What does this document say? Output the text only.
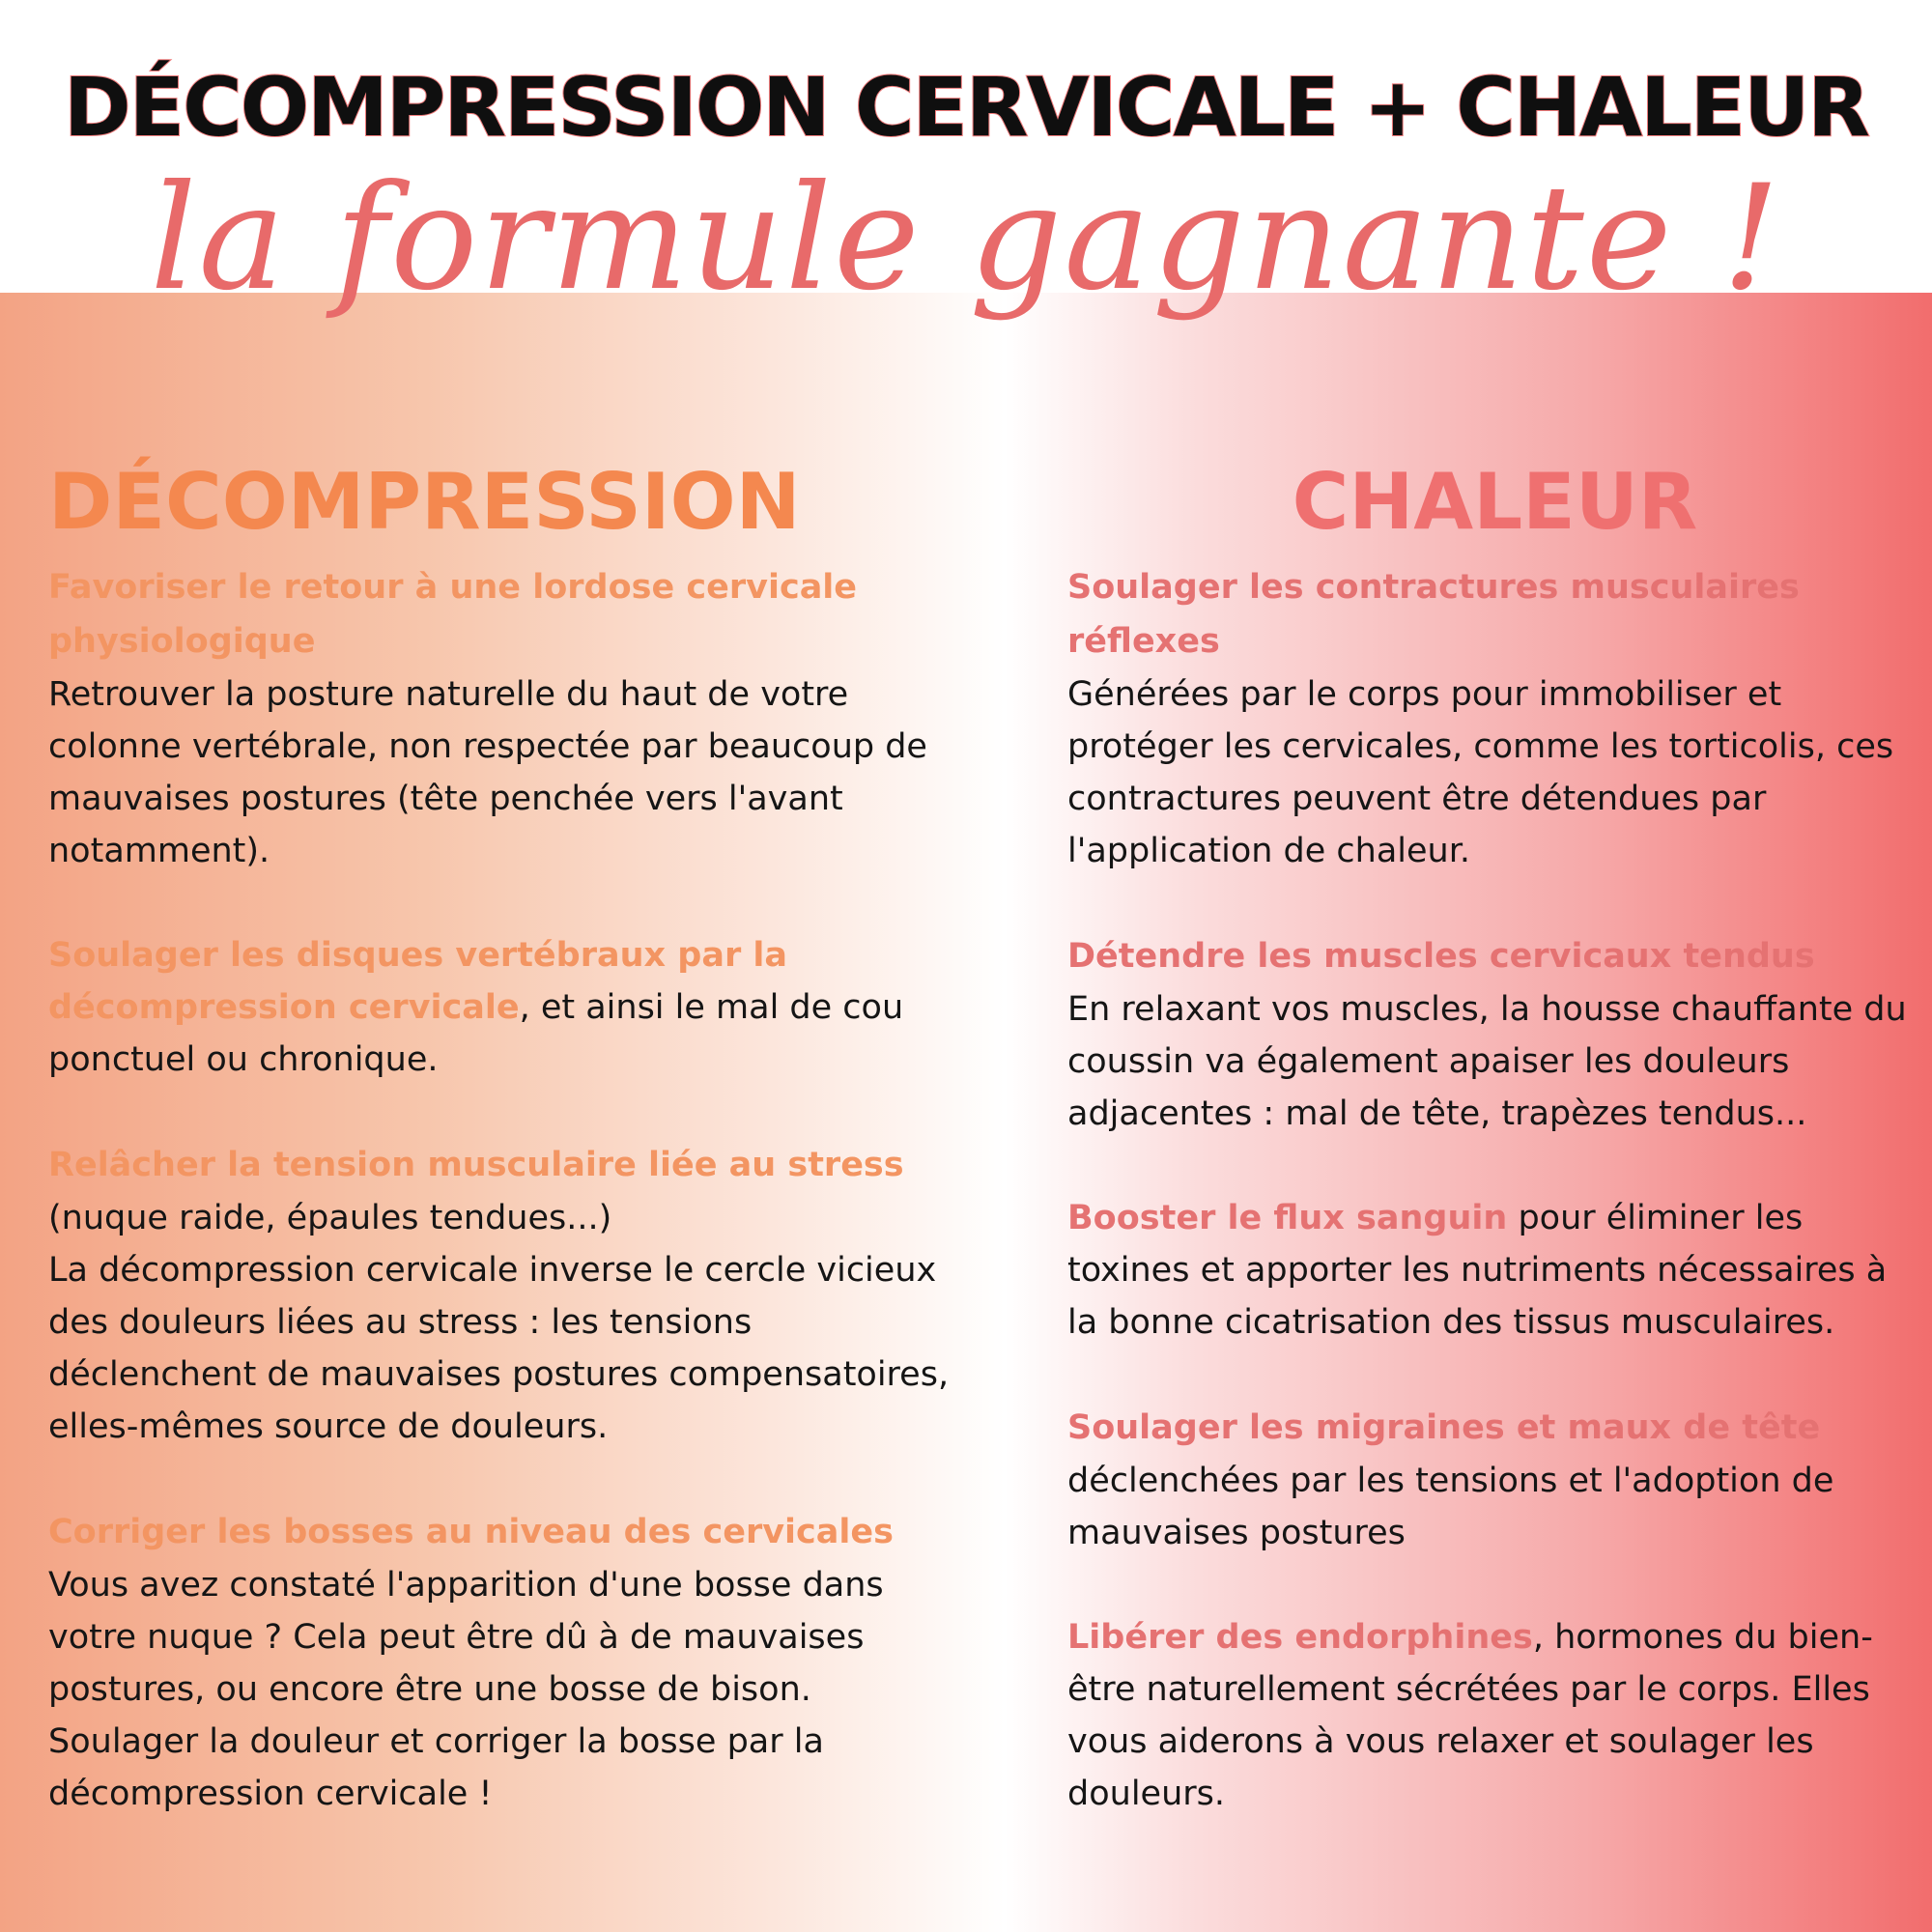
DÉCOMPRESSION CERVICALE + CHALEUR
la formule gagnante !
DÉCOMPRESSION

Favoriser le retour à une lordose cervicale physiologique

Retrouver la posture naturelle du haut de votre colonne vertébrale, non respectée par beaucoup de mauvaises postures (tête penchée vers l'avant notamment).

Soulager les disques vertébraux par la décompression cervicale, et ainsi le mal de cou ponctuel ou chronique.

Relâcher la tension musculaire liée au stress

(nuque raide, épaules tendues...)

La décompression cervicale inverse le cercle vicieux des douleurs liées au stress : les tensions déclenchent de mauvaises postures compensatoires, elles-mêmes source de douleurs.

Corriger les bosses au niveau des cervicales

Vous avez constaté l'apparition d'une bosse dans votre nuque ? Cela peut être dû à de mauvaises postures, ou encore être une bosse de bison. Soulager la douleur et corriger la bosse par la décompression cervicale !

CHALEUR

Soulager les contractures musculaires réflexes

Générées par le corps pour immobiliser et protéger les cervicales, comme les torticolis, ces contractures peuvent être détendues par l'application de chaleur.

Détendre les muscles cervicaux tendus

En relaxant vos muscles, la housse chauffante du coussin va également apaiser les douleurs adjacentes : mal de tête, trapèzes tendus...

Booster le flux sanguin pour éliminer les toxines et apporter les nutriments nécessaires à la bonne cicatrisation des tissus musculaires.

Soulager les migraines et maux de tête

déclenchées par les tensions et l'adoption de mauvaises postures

Libérer des endorphines, hormones du bien-être naturellement sécrétées par le corps. Elles vous aiderons à vous relaxer et soulager les douleurs.
